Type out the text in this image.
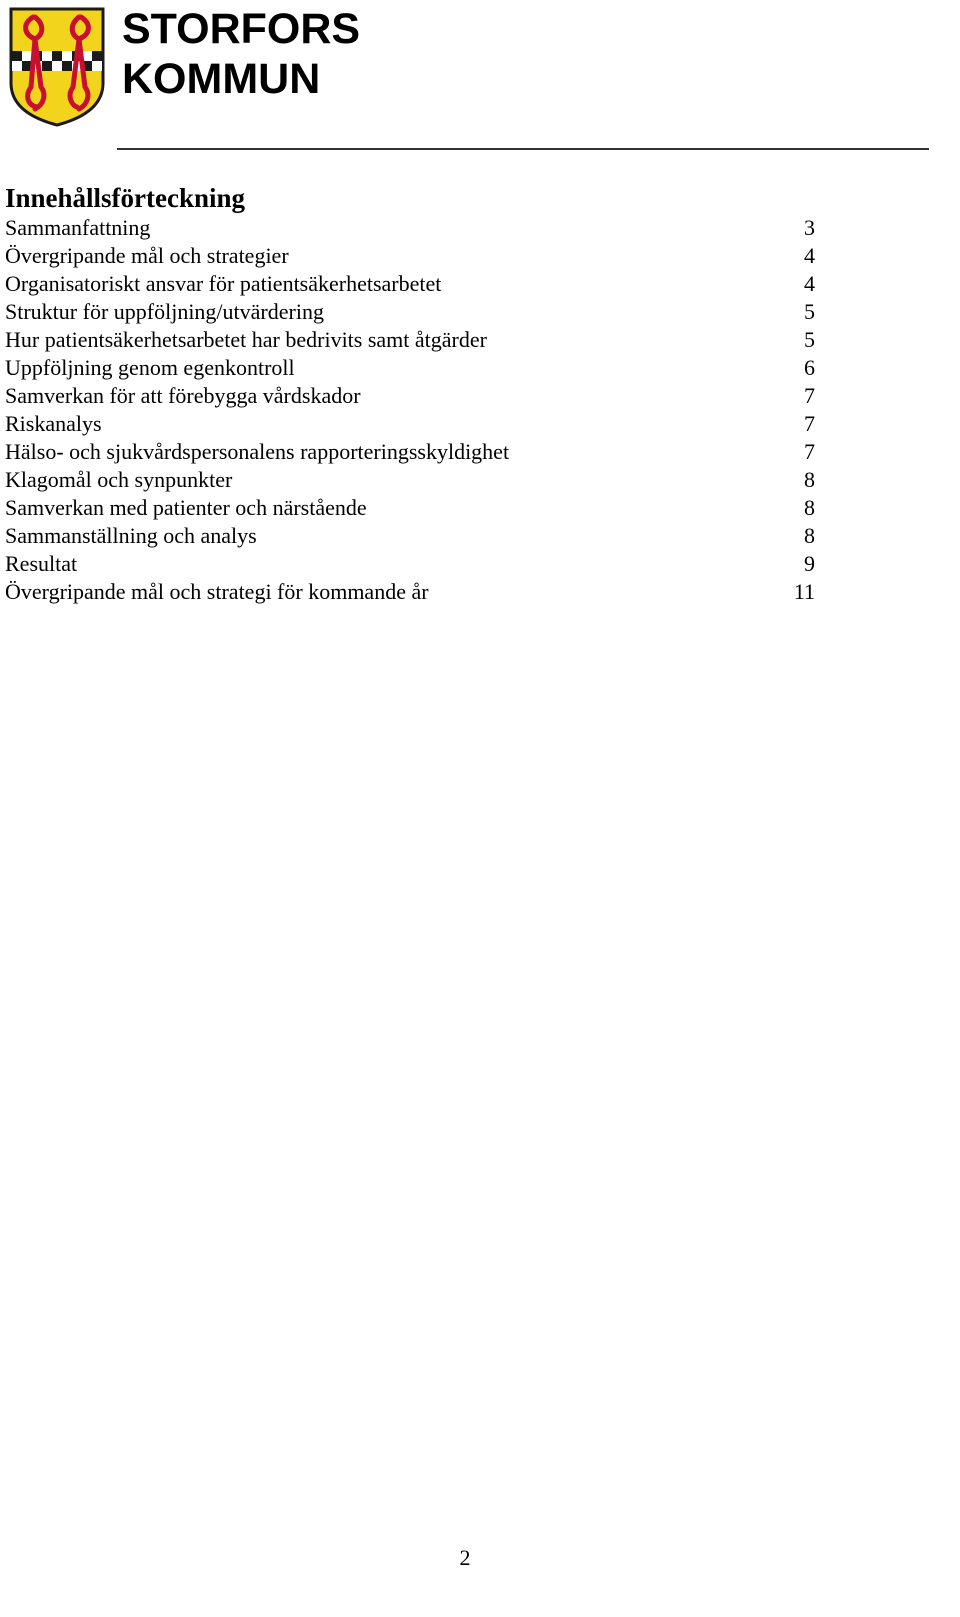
STORFORS
KOMMUN
Innehållsförteckning
Sammanfattning	3
Övergripande mål och strategier	4
Organisatoriskt ansvar för patientsäkerhetsarbetet	4
Struktur för uppföljning/utvärdering	5
Hur patientsäkerhetsarbetet har bedrivits samt åtgärder	5
Uppföljning genom egenkontroll	6
Samverkan för att förebygga vårdskador	7
Riskanalys	7
Hälso- och sjukvårdspersonalens rapporteringsskyldighet	7
Klagomål och synpunkter	8
Samverkan med patienter och närstående	8
Sammanställning och analys	8
Resultat	9
Övergripande mål och strategi för kommande år	11
2
